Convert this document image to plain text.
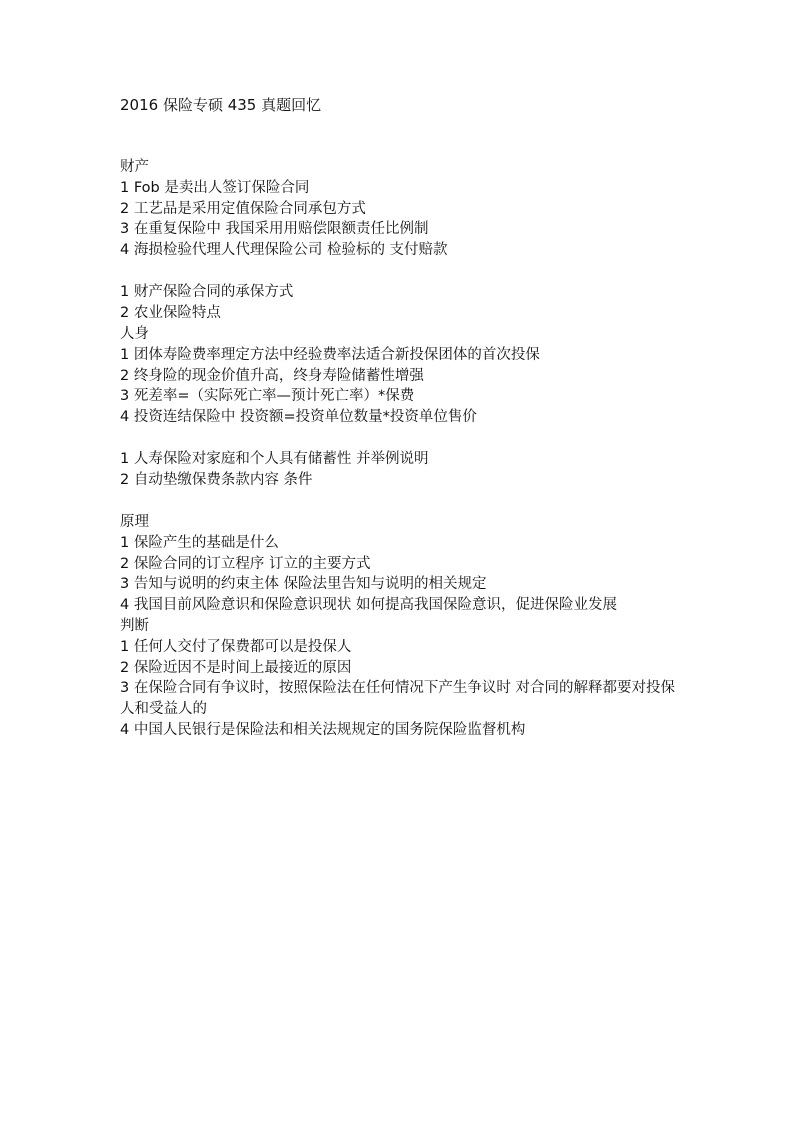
2016 保险专硕 435 真题回忆
财产
1 Fob 是卖出人签订保险合同
2 工艺品是采用定值保险合同承包方式
3 在重复保险中 我国采用用赔偿限额责任比例制
4 海损检验代理人代理保险公司 检验标的 支付赔款
1 财产保险合同的承保方式
2 农业保险特点
人身
1 团体寿险费率理定方法中经验费率法适合新投保团体的首次投保
2 终身险的现金价值升高，终身寿险储蓄性增强
3 死差率=（实际死亡率—预计死亡率）*保费
4 投资连结保险中 投资额=投资单位数量*投资单位售价
1 人寿保险对家庭和个人具有储蓄性 并举例说明
2 自动垫缴保费条款内容 条件
原理
1 保险产生的基础是什么
2 保险合同的订立程序 订立的主要方式
3 告知与说明的约束主体 保险法里告知与说明的相关规定
4 我国目前风险意识和保险意识现状 如何提高我国保险意识，促进保险业发展
判断
1 任何人交付了保费都可以是投保人
2 保险近因不是时间上最接近的原因
3 在保险合同有争议时，按照保险法在任何情况下产生争议时 对合同的解释都要对投保人和受益人的
4 中国人民银行是保险法和相关法规规定的国务院保险监督机构
